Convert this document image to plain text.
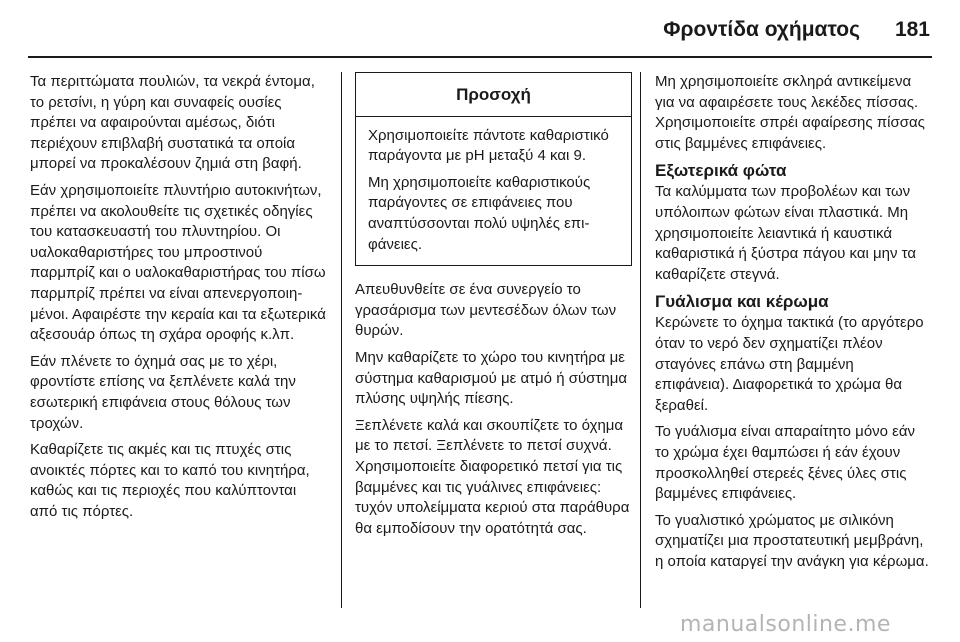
Φροντίδα οχήματος	181

Τα περιττώματα πουλιών, τα νεκρά έντομα, το ρετσίνι, η γύρη και συναφείς ουσίες πρέπει να αφαιρούνται αμέσως, διότι περιέχουν επιβλαβή συστατικά τα οποία μπορεί να προκαλέσουν ζημιά στη βαφή.

Εάν χρησιμοποιείτε πλυντήριο αυτοκινήτων, πρέπει να ακολουθείτε τις σχετικές οδηγίες του κατασκευαστή του πλυντηρίου. Οι υαλοκαθαριστήρες του μπροστινού παρμπρίζ και ο υαλοκαθαριστήρας του πίσω παρμπρίζ πρέπει να είναι απενεργοποιημένοι. Αφαιρέστε την κεραία και τα εξωτερικά αξεσουάρ όπως τη σχάρα οροφής κ.λπ.

Εάν πλένετε το όχημά σας με το χέρι, φροντίστε επίσης να ξεπλένετε καλά την εσωτερική επιφάνεια στους θόλους των τροχών.

Καθαρίζετε τις ακμές και τις πτυχές στις ανοικτές πόρτες και το καπό του κινητήρα, καθώς και τις περιοχές που καλύπτονται από τις πόρτες.

Προσοχή

Χρησιμοποιείτε πάντοτε καθαριστικό παράγοντα με pH μεταξύ 4 και 9.

Μη χρησιμοποιείτε καθαριστικούς παράγοντες σε επιφάνειες που αναπτύσσονται πολύ υψηλές επιφάνειες.

Απευθυνθείτε σε ένα συνεργείο το γρασάρισμα των μεντεσέδων όλων των θυρών.

Μην καθαρίζετε το χώρο του κινητήρα με σύστημα καθαρισμού με ατμό ή σύστημα πλύσης υψηλής πίεσης.

Ξεπλένετε καλά και σκουπίζετε το όχημα με το πετσί. Ξεπλένετε το πετσί συχνά. Χρησιμοποιείτε διαφορετικό πετσί για τις βαμμένες και τις γυάλινες επιφάνειες: τυχόν υπολείμματα κεριού στα παράθυρα θα εμποδίσουν την ορατότητά σας.

Μη χρησιμοποιείτε σκληρά αντικείμενα για να αφαιρέσετε τους λεκέδες πίσσας. Χρησιμοποιείτε σπρέι αφαίρεσης πίσσας στις βαμμένες επιφάνειες.

Εξωτερικά φώτα

Τα καλύμματα των προβολέων και των υπόλοιπων φώτων είναι πλαστικά. Μη χρησιμοποιείτε λειαντικά ή καυστικά καθαριστικά ή ξύστρα πάγου και μην τα καθαρίζετε στεγνά.

Γυάλισμα και κέρωμα

Κερώνετε το όχημα τακτικά (το αργότερο όταν το νερό δεν σχηματίζει πλέον σταγόνες επάνω στη βαμμένη επιφάνεια). Διαφορετικά το χρώμα θα ξεραθεί.

Το γυάλισμα είναι απαραίτητο μόνο εάν το χρώμα έχει θαμπώσει ή εάν έχουν προσκολληθεί στερεές ξένες ύλες στις βαμμένες επιφάνειες.

Το γυαλιστικό χρώματος με σιλικόνη σχηματίζει μια προστατευτική μεμβράνη, η οποία καταργεί την ανάγκη για κέρωμα.

manualsonline.me
